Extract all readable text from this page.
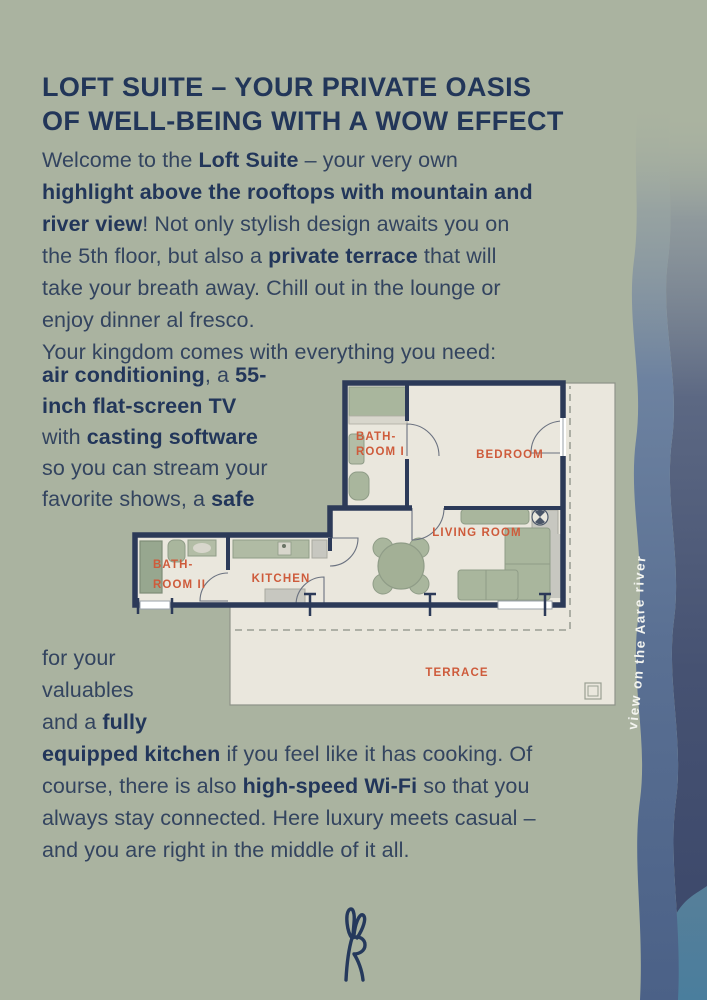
view on the Aare river
LOFT SUITE – YOUR PRIVATE OASIS
OF WELL-BEING WITH A WOW EFFECT
Welcome to the Loft Suite – your very own
highlight above the rooftops with mountain and
river view! Not only stylish design awaits you on
the 5th floor, but also a private terrace that will
take your breath away. Chill out in the lounge or
enjoy dinner al fresco.
Your kingdom comes with everything you need:
air conditioning, a 55-
inch flat-screen TV
with casting software
so you can stream your
favorite shows, a safe
for your
valuables
and a fully
equipped kitchen if you feel like it has cooking. Of
course, there is also high-speed Wi-Fi so that you
always stay connected. Here luxury meets casual –
and you are right in the middle of it all.
BATH- ROOM I	BEDROOM
LIVING ROOM
BATH- ROOM II	KITCHEN
TERRACE
